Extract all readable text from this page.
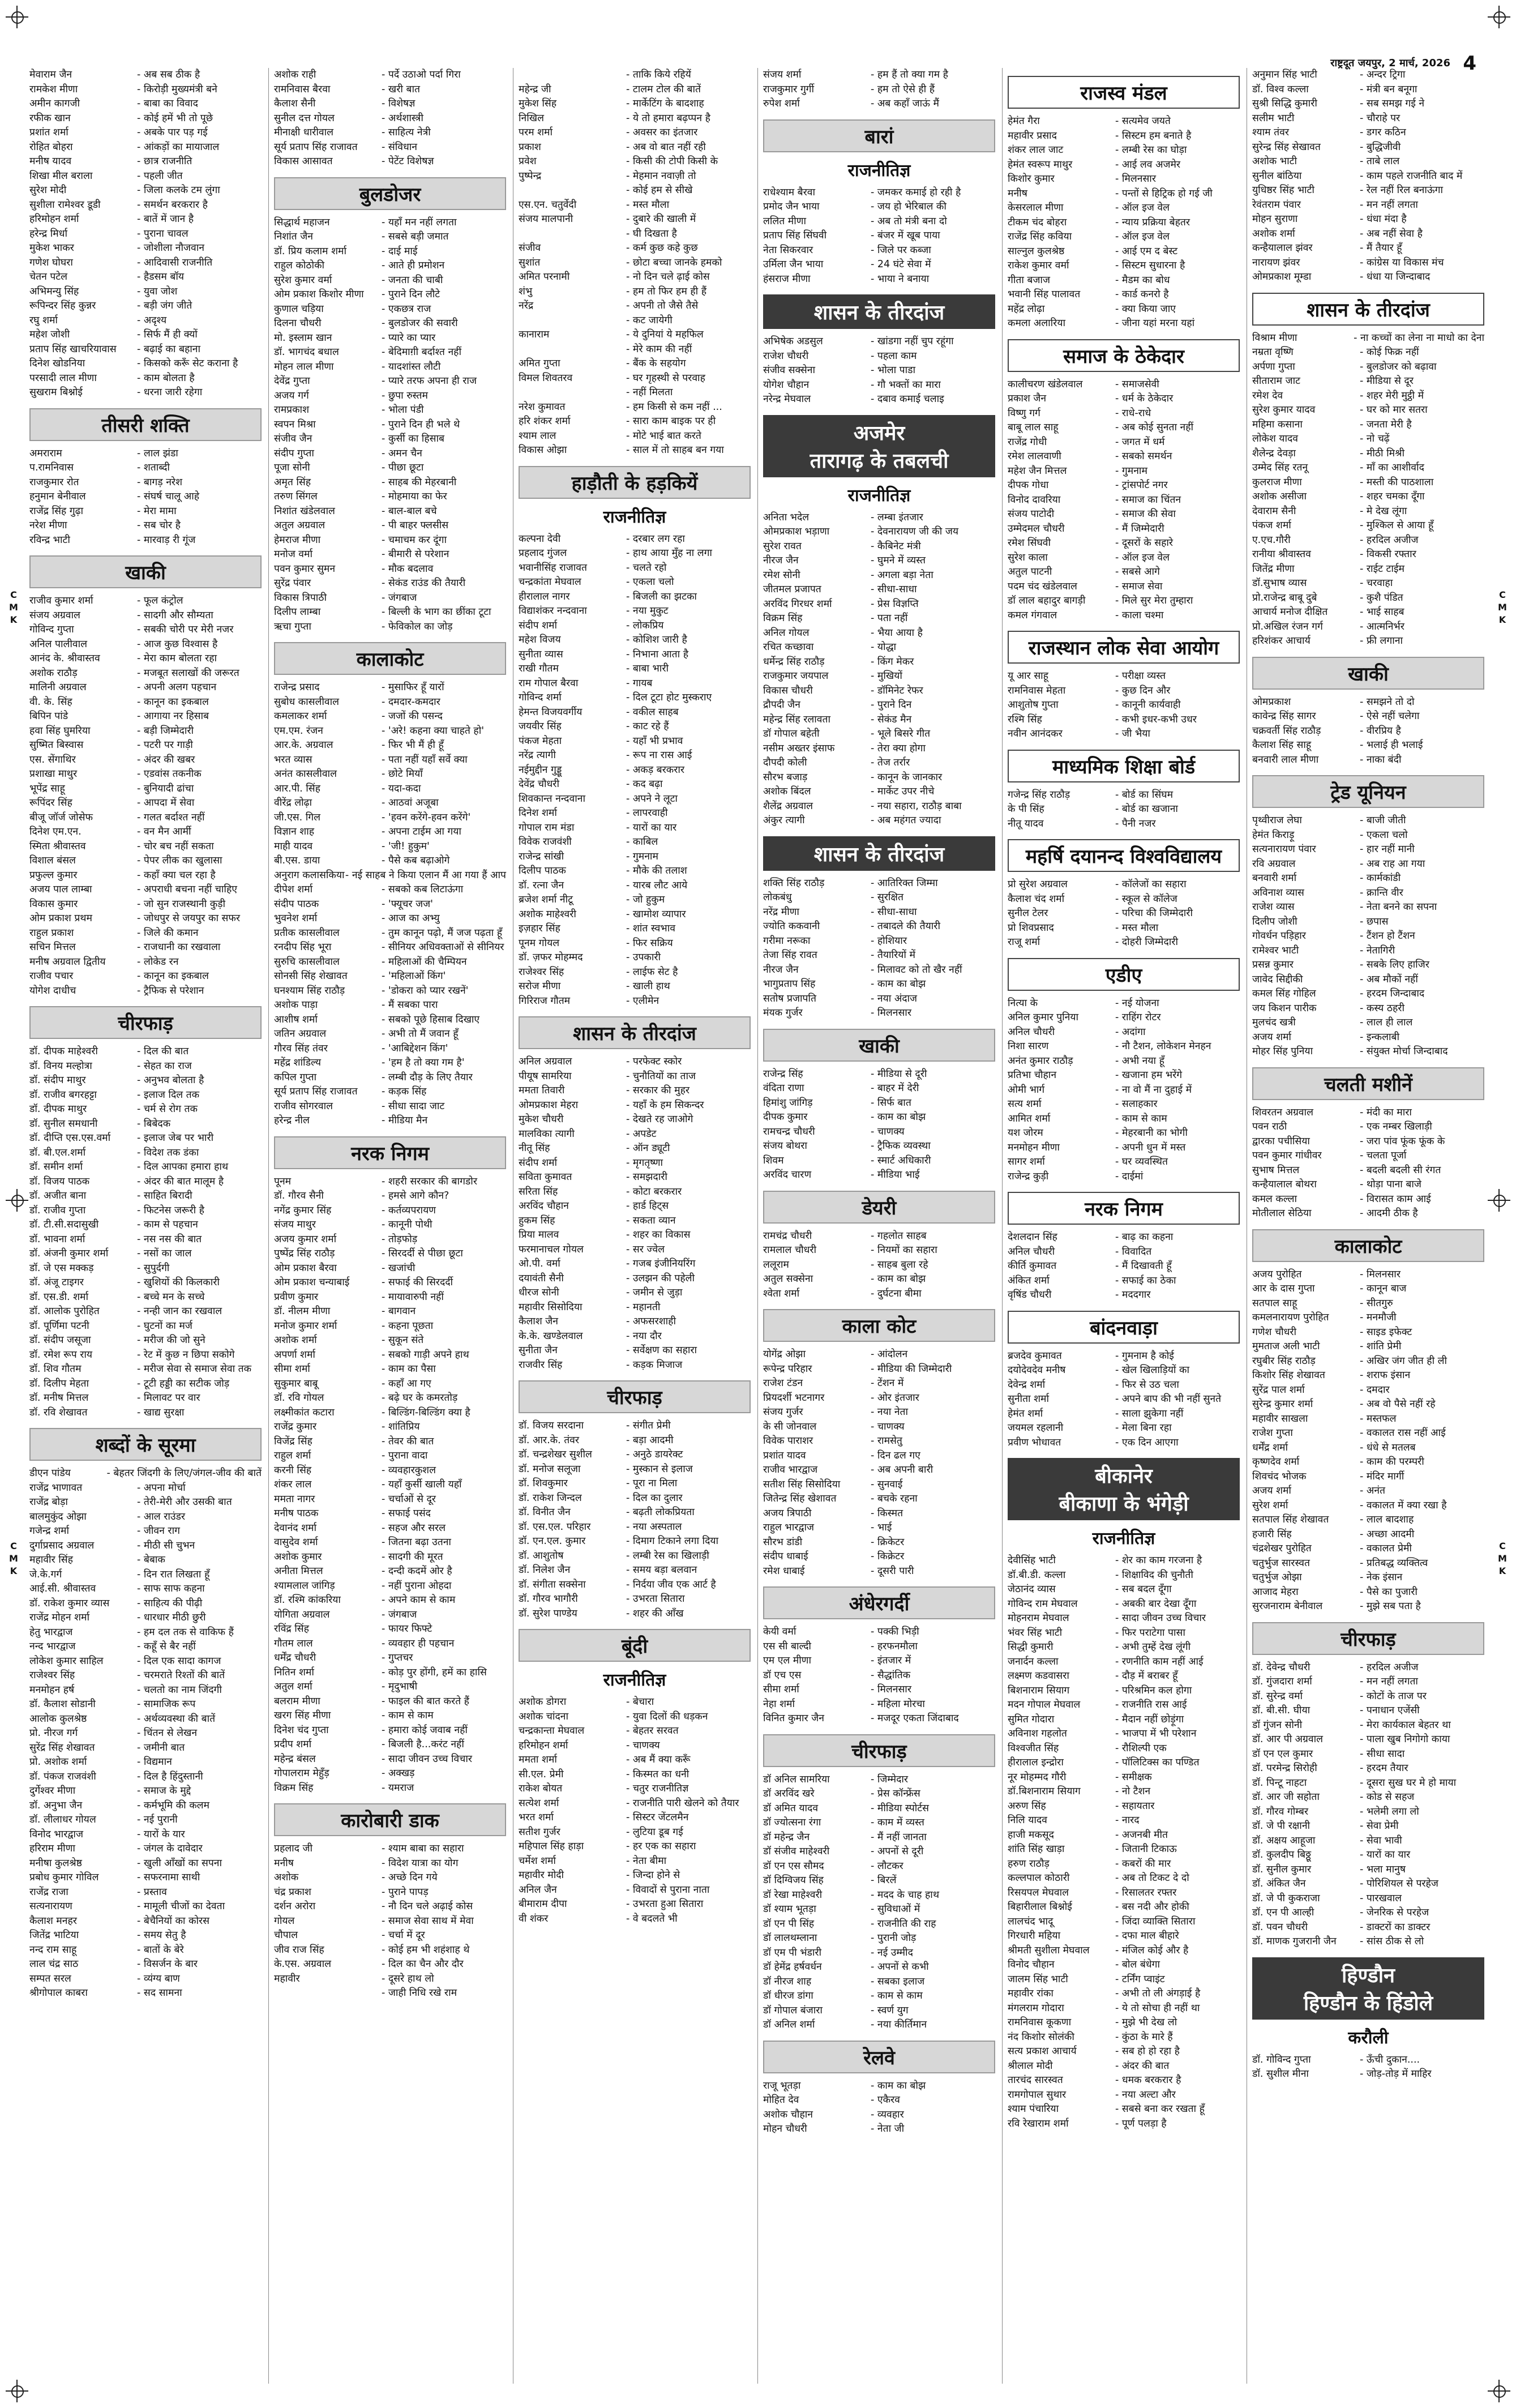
C
M
K
C
M
K
C
M
K
C
M
K
राष्ट्रदूत जयपुर, 2 मार्च, 2026 4
मेवाराम जैन	- अब सब ठीक है
रामकेश मीणा	- किरोड़ी मुख्यमंत्री बने
अमीन कागजी	- बाबा का विवाद
रफीक खान	- कोई हमें भी तो पूछे
प्रशांत शर्मा	- अबके पार पड़ गई
रोहित बोहरा	- आंकड़ों का मायाजाल
मनीष यादव	- छात्र राजनीति
शिखा मील बराला	- पहली जीत
सुरेश मोदी	- जिला कलके टम लुंगा
सुशीला रामेश्वर डूडी	- समर्थन बरकरार है
हरिमोहन शर्मा	- बातें में जान है
हरेन्द्र मिर्धा	- पुराना चावल
मुकेश भाकर	- जोशीला नौजवान
गणेश घोघरा	- आदिवासी राजनीति
चेतन पटेल	- हैडसम बॉय
अभिमन्यु सिंह	- युवा जोश
रूपिन्दर सिंह कुन्नर	- बड़ी जंग जीते
रघु शर्मा	- अदृश्य
महेश जोशी	- सिर्फ मैं ही क्यों
प्रताप सिंह खाचरियावास	- बढ़ाई का बहाना
दिनेश खोडनिया	- किसको करूँ सेट कराना है
परसादी लाल मीणा	- काम बोलता है
सुखराम बिश्नोई	- धरना जारी रहेगा
तीसरी शक्ति
अमराराम	- लाल झंडा
प.रामनिवास	- शताब्दी
राजकुमार रोत	- बागड़ नरेश
हनुमान बेनीवाल	- संघर्ष चालू आहे
राजेंद्र सिंह गुढ़ा	- मेरा मामा
नरेश मीणा	- सब चोर है
रविन्द्र भाटी	- मारवाड़ री गूंज
खाकी
राजीव कुमार शर्मा	- फूल कंट्रोल
संजय अग्रवाल	- सादगी और सौम्यता
गोविन्द गुप्ता	- सबकी चोरी पर मेरी नजर
अनिल पालीवाल	- आज कुछ विश्वास है
आनंद के. श्रीवास्तव	- मेरा काम बोलता रहा
अशोक राठौड़	- मजबूत सलाखों की जरूरत
मालिनी अग्रवाल	- अपनी अलग पहचान
वी. के. सिंह	- कानून का इकबाल
बिपिन पांडे	- आगाया नर हिसाब
हवा सिंह घुमरिया	- बड़ी जिम्मेदारी
सुष्मित बिस्वास	- पटरी पर गाड़ी
एस. सेंगाथिर	- अंदर की खबर
प्रशाखा माथुर	- एडवांस तकनीक
भूपेंद्र साहू	- बुनियादी ढांचा
रूपिंदर सिंह	- आपदा में सेवा
बीजू जॉर्ज जोसेफ	- गलत बर्दाश्त नहीं
दिनेश एम.एन.	- वन मैन आर्मी
स्मिता श्रीवास्तव	- चोर बच नहीं सकता
विशाल बंसल	- पेपर लीक का खुलासा
प्रफुल्ल कुमार	- कहाँ क्या चल रहा है
अजय पाल लाम्बा	- अपराधी बचना नहीं चाहिए
विकास कुमार	- जो सुन राजस्थानी कुड़ी
ओम प्रकाश प्रथम	- जोधपुर से जयपुर का सफर
राहुल प्रकाश	- जिले की कमान
सचिन मित्तल	- राजधानी का रखवाला
मनीष अग्रवाल द्वितीय	- लोकेड रन
राजीव पचार	- कानून का इकबाल
योगेश दाधीच	- ट्रैफिक से परेशान
चीरफाड़
डॉ. दीपक माहेश्वरी	- दिल की बात
डॉ. विनय मल्होत्रा	- सेहत का राज
डॉ. संदीप माथुर	- अनुभव बोलता है
डॉ. राजीव बगरहट्टा	- इलाज दिल तक
डॉ. दीपक माथुर	- चर्म से रोग तक
डॉ. सुनील समधानी	- बिबेदक
डॉ. दीप्ति एस.एस.वर्मा	- इलाज जेब पर भारी
डॉ. बी.एल.शर्मा	- विदेश तक डंका
डॉ. समीन शर्मा	- दिल आपका हमारा हाथ
डॉ. विजय पाठक	- अंदर की बात मालूम है
डॉ. अजीत बाना	- साहित बिरादी
डॉ. राजीव गुप्ता	- फिटनेस जरूरी है
डॉ. टी.सी.सदासुखी	- काम से पहचान
डॉ. भावना शर्मा	- नस नस की बात
डॉ. अंजनी कुमार शर्मा	- नसों का जाल
डॉ. जे एस मक्कड़	- सुपुर्दगी
डॉ. अंजू टाइगर	- खुशियों की किलकारी
डॉ. एस.डी. शर्मा	- बच्चे मन के सच्चे
डॉ. आलोक पुरोहित	- नन्ही जान का रखवाल
डॉ. पूर्णिमा पटनी	- घुटनों का मर्ज
डॉ. संदीप जसूजा	- मरीज की जो सुने
डॉ. रमेश रूप राय	- रेट में कुछ न छिपा सकोगे
डॉ. शिव गौतम	- मरीज सेवा से समाज सेवा तक
डॉ. दिलीप मेहता	- टूटी हड्डी का सटीक जोड़
डॉ. मनीष मित्तल	- मिलावट पर वार
डॉ. रवि शेखावत	- खाद्य सुरक्षा
शब्दों के सूरमा
डीएन पांडेय	- बेहतर जिंदगी के लिए/जंगल-जीव की बातें
राजेंद्र भाणावत	- अपना मोर्चा
राजेंद्र बोड़ा	- तेरी-मेरी और उसकी बात
बालमुकुंद ओझा	- आल राउंडर
गजेन्द्र शर्मा	- जीवन राग
दुर्गाप्रसाद अग्रवाल	- मीठी सी चुभन
महावीर सिंह	- बेबाक
जे.के.गर्ग	- दिन रात लिखता हूँ
आई.सी. श्रीवास्तव	- साफ साफ कहना
डॉ. राकेश कुमार व्यास	- साहित्य की पीढ़ी
राजेंद्र मोहन शर्मा	- धारधार मीठी छुरी
हेतु भारद्वाज	- हम दल तक से वाकिफ हैं
नन्द भारद्वाज	- कहूँ से बैर नहीं
लोकेश कुमार साहिल	- दिल एक सादा कागज
राजेश्वर सिंह	- चरमराते रिश्तों की बातें
मनमोहन हर्ष	- चलतो का नाम जिंदगी
डॉ. कैलाश सोडानी	- सामाजिक रूप
आलोक कुलश्रेष्ठ	- अर्थव्यवस्था की बातें
प्रो. नीरज गर्ग	- चिंतन से लेखन
सुरेंद्र सिंह शेखावत	- जमीनी बात
प्रो. अशोक शर्मा	- विद्यमान
डॉ. पंकज राजवंशी	- दिल है हिंदुस्तानी
दुर्गेश्वर मीणा	- समाज के मुद्दे
डॉ. अनुभा जैन	- कर्मभूमि की कलम
डॉ. लीलाधर गोयल	- नई पुरानी
विनोद भारद्वाज	- यारों के यार
हरिराम मीणा	- जंगल के दावेदार
मनीषा कुलश्रेष्ठ	- खुली आँखों का सपना
प्रबोध कुमार गोविल	- सफरनामा साथी
राजेंद्र राजा	- प्रस्ताव
सत्यनारायण	- मामूली चीजों का देवता
कैलाश मनहर	- बेचैनियों का कोरस
जितेंद्र भाटिया	- समय सेतु है
नन्द राम साहू	- बातों के बेरे
लाल चंद्र साठ	- विसर्जन के बार
सम्पत सरल	- व्यंग्य बाण
श्रीगोपाल काबरा	- सद सामना
अशोक राही	- पर्दे उठाओ पर्दा गिरा
रामनिवास बैरवा	- खरी बात
कैलाश सैनी	- विशेषज्ञ
सुनील दत्त गोयल	- अर्थशास्त्री
मीनाक्षी धारीवाल	- साहित्य नेत्री
सूर्य प्रताप सिंह राजावत	- संविधान
विकास आसावत	- पेटेंट विशेषज्ञ
बुलडोजर
सिद्धार्थ महाजन	- यहाँ मन नहीं लगता
निशांत जैन	- सबसे बड़ी जमात
डॉ. प्रिय कलाम शर्मा	- दाई माई
राहुल कोठोकी	- आते ही प्रमोशन
सुरेश कुमार वर्मा	- जनता की चाबी
ओम प्रकाश किशोर मीणा	- पुराने दिन लौटे
कुणाल चड़िया	- एकछत्र राज
दिलना चौधरी	- बुलडोजर की सवारी
मो. इस्लाम खान	- प्यारे का प्यार
डॉ. भागचंद बधाल	- बेदिमाग़ी बर्दाश्त नहीं
मोहन लाल मीणा	- यादशांस्त लौटी
देवेंद्र गुप्ता	- प्यारे तरफ अपना ही राज
अजय गर्ग	- छुपा रुस्तम
रामप्रकाश	- भोला पंडी
स्वपन मिश्रा	- पुराने दिन ही भले थे
संजीव जैन	- कुर्सी का हिसाब
संदीप गुप्ता	- अमन चैन
पूजा सोनी	- पीछा छूटा
अमृत सिंह	- साहब की मेहरबानी
तरुण सिंगल	- मोहमाया का फेर
निशांत खंडेलवाल	- बाल-बाल बचे
अतुल अग्रवाल	- पी बाहर फ्लसीस
हेमराज मीणा	- चमाचम कर दूंगा
मनोज वर्मा	- बीमारी से परेशान
पवन कुमार सुमन	- मौक बदलाव
सुरेंद्र पंवार	- सेकंड राउंड की तैयारी
विकास त्रिपाठी	- जंगबाज
दिलीप लाम्बा	- बिल्ली के भाग का छींका टूटा
ऋचा गुप्ता	- फेविकोल का जोड़
कालाकोट
राजेन्द्र प्रसाद	- मुसाफिर हूँ यारों
सुबोध कासलीवाल	- दमदार-कमदार
कमलाकर शर्मा	- जजों की पसन्द
एम.एम. रंजन	- 'अरे! कहना क्या चाहते हो'
आर.के. अग्रवाल	- फिर भी मैं ही हूँ
भरत व्यास	- पता नहीं यहाँ सर्वे क्या
अनंत कासलीवाल	- छोटे मियाँ
आर.पी. सिंह	- यदा-कदा
वीरेंद्र लोढ़ा	- आठवां अजूबा
जी.एस. गिल	- 'हवन करेंगे-हवन करेंगे'
विज्ञान शाह	- अपना टाईम आ गया
माही यादव	- 'जी! हुकुम'
बी.एस. डाया	- पैसे कब बढ़ाओगे
अनुराग कलासकिया - नई साहब ने किया एलान मैं आ गया हैं आप
दीपेश शर्मा	- सबको कब लिटाऊंगा
संदीप पाठक	- 'फ्यूचर जज'
भुवनेश शर्मा	- आज का अभ्यु
प्रतीक कासलीवाल	- तुम कानून पढ़ो, मैं जज पढ़ता हूँ
रनदीप सिंह भूरा	- सीनियर अधिवक्ताओं से सीनियर
सुरुचि कासलीवाल	- महिलाओं की चैम्पियन
सोनसी सिंह शेखावत	- 'महिलाओं किंग'
घनश्याम सिंह राठौड़	- 'डोकरा को प्यार रखनें'
अशोक पाड़ा	- मैं सबका पारा
आशीष शर्मा	- सबको पूछे हिसाब दिखाए
जतिन अग्रवाल	- अभी तो मैं जवान हूँ
गौरव सिंह तंवर	- 'आबिद्देशन किंग'
महेंद्र शांडिल्य	- 'हम है तो क्या गम है'
कपिल गुप्ता	- लम्बी दौड़ के लिए तैयार
सूर्य प्रताप सिंह राजावत	- कड़क सिंह
राजीव सोगरवाल	- सीधा सादा जाट
हरेन्द्र नील	- मीडिया मैन
नरक निगम
पूनम	- शहरी सरकार की बागडोर
डॉ. गौरव सैनी	- हमसे आगे कौन?
नगेंद्र कुमार सिंह	- कर्तव्यपरायण
संजय माथुर	- कानूनी पोथी
अजय कुमार शर्मा	- तोड़फोड़
पुष्पेंद्र सिंह राठौड़	- सिरदर्दी से पीछा छूटा
ओम प्रकाश बैरवा	- खजांची
ओम प्रकाश चन्याबाई	- सफाई की सिरदर्दी
प्रवीण कुमार	- मायावारुपी नहीं
डॉ. नीलम मीणा	- बागवान
मनोज कुमार शर्मा	- कहना पूछता
अशोक शर्मा	- सुकून संते
अपर्णा शर्मा	- सबको गाड़ी अपने हाथ
सीमा शर्मा	- काम का पैसा
सुकुमार बाबू	- कहाँ आ गए
डॉ. रवि गोयल	- बढ़े घर के कमरतोड़
लक्ष्मीकांत कटारा	- बिल्डिंग-बिल्डिंग क्या है
राजेंद्र कुमार	- शांतिप्रिय
विजेंद्र सिंह	- तेवर की बात
राहुल शर्मा	- पुराना वादा
करनी सिंह	- व्यवहारकुशल
शंकर लाल	- यहाँ कुर्सी खाली यहाँ
ममता नागर	- चर्चाओं से दूर
मनीष पाठक	- सफाई पसंद
देवानंद शर्मा	- सहज और सरल
वासुदेव शर्मा	- जितना बढ़ा उतना
अशोक कुमार	- सादगी की मूरत
अनीता मित्तल	- दन्दी कदमें ओर है
श्यामलाल जांगिड़	- नहीं पुराना ओहदा
डॉ. रश्मि कांकरिया	- अपने काम से काम
योगिता अग्रवाल	- जंगबाज
रविंद्र सिंह	- फायर फिफ्टे
गौतम लाल	- व्यवहार ही पहचान
धर्मेंद्र चौधरी	- गुप्तचर
नितिन शर्मा	- कोड़ पुर होंगी, हमें का हासि
अतुल शर्मा	- मृदुभाषी
बलराम मीणा	- फाइल की बात करते हैं
खरग सिंह मीणा	- काम से काम
दिनेश चंद गुप्ता	- हमारा कोई जवाब नहीं
प्रदीप शर्मा	- बिजली है...करंट नहीं
महेन्द्र बंसल	- सादा जीवन उच्च विचार
गोपालराम मेहुँड़	- अक्खड़
विक्रम सिंह	- यमराज
कारोबारी डाक
प्रहलाद जी	- श्याम बाबा का सहारा
मनीष	- विदेश यात्रा का योग
अशोक	- अच्छे दिन गये
चंद्र प्रकाश	- पुराने पापड़
दर्शन अरोरा	- नौ दिन चले अढ़ाई कोस
गोयल	- समाज सेवा साथ में मेवा
चौपाल	- चर्चा में दूर
जीव राज सिंह	- कोई हम भी शहंशाह थे
के.एस. अग्रवाल	- दिल का चैन और दौर
महावीर	- दूसरे हाथ लो
- जाही निधि रखे राम
- ताकि किये रहियें
महेन्द्र जी	- टालम टोल की बातें
मुकेश सिंह	- मार्केटिंग के बादशाह
निखिल	- ये तो हमारा बढ़प्पन है
परम शर्मा	- अवसर का इंतजार
प्रकाश	- अब वो बात नहीं रही
प्रवेश	- किसी की टोपी किसी के
पुष्पेन्द्र	- मेहमान नवाज़ी तो
- कोई हम से सीखे
एस.एन. चतुर्वेदी	- मस्त मौला
संजय मालपानी	- दुबारे की खाली में
- घी दिखता है
संजीव	- कर्म कुछ कहे कुछ
सुशांत	- छोटा बच्चा जानके हमको
अमित परनामी	- नो दिन चले ढ़ाई कोस
शंभु	- हम तो फिर हम ही हैं
नरेंद्र	- अपनी तो जैसे तैसे
- कट जायेगी
कानाराम	- ये दुनियां ये महफिल
- मेरे काम की नहीं
अमित गुप्ता	- बैंक के सहयोग
विमल शिवतरव	- घर गृहस्थी से परवाह
- नहीं मिलता
नरेश कुमावत	- हम किसी से कम नहीं ...
हरि शंकर शर्मा	- सारा काम बाइक पर ही
श्याम लाल	- मोटे भाई बात करते
विकास ओझा	- साल में तो साहब बन गया
हाड़ौती के हड़कियें
राजनीतिज्ञ
कल्पना देवी	- दरबार लग रहा
प्रहलाद गुंजल	- हाथ आया मुँह ना लगा
भवानीसिंह राजावत	- चलते रहो
चन्द्रकांता मेघवाल	- एकला चलो
हीरालाल नागर	- बिजली का झटका
विद्याशंकर नन्दवाना	- नया मुकुट
संदीप शर्मा	- लोकप्रिय
महेश विजय	- कोशिश जारी है
सुनीता व्यास	- निभाना आता है
राखी गौतम	- बाबा भारी
राम गोपाल बैरवा	- गायब
गोविन्द शर्मा	- दिल टूटा होट मुस्कराए
हेमन्त विजयवर्गीय	- वकील साहब
जयवीर सिंह	- काट रहे हैं
पंकज मेहता	- यहाँ भी प्रभाव
नरेंद्र त्यागी	- रूप ना रास आई
नईमुद्दीन गुड्डू	- अकड़ बरकरार
देवेंद्र चौधरी	- कद बढ़ा
शिवकान्त नन्दवाना	- अपने ने लूटा
दिनेश शर्मा	- लापरवाही
गोपाल राम मंडा	- यारों का यार
विवेक राजवंशी	- काबिल
राजेन्द्र सांखी	- गुमनाम
दिलीप पाठक	- मौके की तलाश
डॉ. रत्ना जैन	- यारब लौट आये
ब्रजेश शर्मा नीटू	- जो हुकुम
अशोक माहेश्वरी	- खामोश व्यापार
इज़हार सिंह	- शांत स्वभाव
पूनम गोयल	- फिर सक्रिय
डॉ. ज़फर मोहम्मद	- उपकारी
राजेश्वर सिंह	- लाईफ सेट है
सरोज मीणा	- खाली हाथ
गिरिराज गौतम	- एलीमेन
शासन के तीरदांज
अनिल अग्रवाल	- परफेक्ट स्कोर
पीयूष सामरिया	- चुनौतियों का ताज
ममता तिवारी	- सरकार की मुहर
ओमप्रकाश मेहरा	- यहाँ के हम सिकन्दर
मुकेश चौधरी	- देखते रह जाओगे
मालविका त्यागी	- अपडेट
नीतू सिंह	- ऑन ड्यूटी
संदीप शर्मा	- मृगतृष्णा
सविता कुमावत	- समझदारी
सरिता सिंह	- कोटा बरकरार
अरविंद चौहान	- हार्ड हिट्स
हुकम सिंह	- सकता व्यान
प्रिया मालव	- शहर का विकास
फरमानाचल गोयल	- सर ज्वेल
ओ.पी. वर्मा	- गजब इंजीनियरिंग
दयावंती सैनी	- उलझन की पहेली
धीरज सोनी	- जमीन से जुड़ा
महावीर सिसोदिया	- महानती
कैलाश जैन	- अफसरशाही
के.के. खण्डेलवाल	- नया दौर
सुनीता जैन	- सर्वेक्षण का सहारा
राजवीर सिंह	- कड़क मिजाज
चीरफाड़
डॉ. विजय सरदाना	- संगीत प्रेमी
डॉ. आर.के. तंवर	- बड़ा आदमी
डॉ. चन्द्रशेखर सुशील	- अनुठे डायरेक्ट
डॉ. मनोज सलूजा	- मुस्कान से इलाज
डॉ. शिवकुमार	- पूरा ना मिला
डॉ. राकेश जिन्दल	- दिल का दुलार
डॉ. विनीत जैन	- बढ़ती लोकप्रियता
डॉ. एस.एल. परिहार	- नया अस्पताल
डॉ. एन.एल. कुमार	- दिमाग टिकाने लगा दिया
डॉ. आशुतोष	- लम्बी रेस का खिलाड़ी
डॉ. निलेश जैन	- समय बड़ा बलवान
डॉ. संगीता सक्सेना	- निर्दया जीव एक आर्ट है
डॉ. गौरव भागौरी	- उभरता सितारा
डॉ. सुरेश पाण्डेय	- शहर की आँख
बूंदी
राजनीतिज्ञ
अशोक डोगरा	- बेचारा
अशोक चांदना	- युवा दिलों की धड़कन
चन्द्रकान्ता मेघवाल	- बेहतर सरवत
हरिमोहन शर्मा	- चाणक्य
ममता शर्मा	- अब मैं क्या करूँ
सी.एल. प्रेमी	- किस्मत का धनी
राकेश बोयत	- चतुर राजनीतिज्ञ
सत्येश शर्मा	- राजनीति पारी खेलने को तैयार
भरत शर्मा	- सिस्टर जेंटलमैन
सतीश गुर्जर	- लुटिया डूब गई
महिपाल सिंह हाड़ा	- हर एक का सहारा
चर्मेश शर्मा	- नेता बीमा
महावीर मोदी	- जिन्दा होने से
अनिल जैन	- विवादों से पुराना नाता
बीमाराम दीपा	- उभरता हुआ सितारा
वी शंकर	- वे बदलते भी
संजय शर्मा	- हम हैं तो क्या गम है
राजकुमार गुर्गी	- हम तो ऐसे ही हैं
रुपेश शर्मा	- अब कहाँ जाऊं मैं
बारां
राजनीतिज्ञ
राधेश्याम बैरवा	- जमकर कमाई हो रही है
प्रमोद जैन भाया	- जय हो भेरिबाल की
ललित मीणा	- अब तो मंत्री बना दो
प्रताप सिंह सिंघवी	- बंजर में खूब पाया
नेता सिकरवार	- जिले पर कब्जा
उर्मिला जैन भाया	- 24 घंटे सेवा में
हंसराज मीणा	- भाया ने बनाया
शासन के तीरदांज
अभिषेक अडसुल	- खांडगा नहीं चुप रहूंगा
राजेश चौधरी	- पहला काम
संजीव सक्सेना	- भोला पाडा
योगेश चौहान	- गौ भक्तों का मारा
नरेन्द्र मेघवाल	- दबाव कमाई चलाइ
अजमेर
तारागढ़ के तबलची
राजनीतिज्ञ
अनिता भदेल	- लम्बा इंतजार
ओमप्रकाश भड़ाणा	- देवनारायण जी की जय
सुरेश रावत	- कैबिनेट मंत्री
नीरज जैन	- घुमने में व्यस्त
रमेश सोनी	- अगला बड़ा नेता
जीतमल प्रजापत	- सीधा-साधा
अरविंद गिरधर शर्मा	- प्रेस विज्ञप्ति
विक्रम सिंह	- पता नहीं
अनिल गोयल	- भैया आया है
रचित कच्छावा	- योद्धा
धर्मेन्द्र सिंह राठौड़	- किंग मेकर
राजकुमार जयपाल	- मुखियों
विकास चौधरी	- डॉमिनेट रेफर
द्रौपदी जैन	- पुराने दिन
महेन्द्र सिंह रलावता	- सेकंड मैन
डॉ गोपाल बहेती	- भूले बिसरे गीत
नसीम अख्तर इंसाफ	- तेरा क्या होगा
दौपदी कोली	- तेज तर्रार
सौरभ बजाड़	- कानून के जानकार
अशोक बिंदल	- मार्केट उपर नीचे
शैलेंद्र अग्रवाल	- नया सहारा, राठौड़ बाबा
अंकुर त्यागी	- अब महंगत ज्यादा
शासन के तीरदांज
शक्ति सिंह राठौड़	- आतिरिक्त जिम्मा
लोकबंधु	- सुरक्षित
नरेंद्र मीणा	- सीधा-साधा
ज्योति ककवानी	- तबादले की तैयारी
गरीमा नरूका	- होशियार
तेजा सिंह रावत	- तैयारियों में
नीरज जैन	- मिलावट को तो खैर नहीं
भागुप्रताप सिंह	- काम का बोझ
सतोष प्रजापति	- नया अंदाज
मंयक गुर्जर	- मिलनसार
खाकी
राजेन्द्र सिंह	- मीडिया से दूरी
वंदिता राणा	- बाहर में देरी
हिमांशु जांगिड़	- सिर्फ बात
दीपक कुमार	- काम का बोझ
रामचन्द्र चौधरी	- चाणक्य
संजय बोथरा	- ट्रैफिक व्यवस्था
शिवम	- स्मार्ट अधिकारी
अरविंद चारण	- मीडिया भाई
डेयरी
रामचंद्र चौधरी	- गहलोत साहब
रामलाल चौधरी	- नियमों का सहारा
ललूराम	- साहब बुला रहे
अतुल सक्सेना	- काम का बोझ
श्वेता शर्मा	- दुर्घटना बीमा
काला कोट
योगेंद्र ओझा	- आंदोलन
रूपेन्द्र परिहार	- मीडिया की जिम्मेदारी
राजेश टंडन	- टेंशन में
प्रियदर्शी भटनागर	- ओर इंतजार
संजय गुर्जर	- नया नेता
के सी जोनवाल	- चाणक्य
विवेक पाराशर	- रामसेतु
प्रशांत यादव	- दिन ढल गए
राजीव भारद्वाज	- अब अपनी बारी
सतीश सिंह सिसोदिया	- सुनवाई
जितेन्द्र सिंह खेशावत	- बचके रहना
अजय त्रिपाठी	- किस्मत
राहुल भारद्वाज	- भाई
सौरभ डांडी	- क्रिकेटर
संदीप धाबाई	- किक्रेटर
रमेश धाबाई	- दूसरी पारी
अंधेरगर्दी
केयी वर्मा	- पक्की भिड़ी
एस सी बाल्दी	- हरफनमौला
एम एल मीणा	- इंतजार में
डॉ एच एस	- सैद्धांतिक
सीमा शर्मा	- मिलनसार
नेहा शर्मा	- महिला मोरचा
विनित कुमार जैन	- मजदूर एकता जिंदाबाद
चीरफाड़
डॉ अनिल सामरिया	- जिम्मेदार
डॉ अरविंद खरे	- प्रेस कॉन्फ्रेंस
डॉ अमित यादव	- मीडिया स्पोर्टस
डॉ ज्योत्सना रंगा	- काम में व्यस्त
डॉ महेन्द्र जैन	- मैं नहीं जानता
डॉ संजीव माहेश्वरी	- अपनों से दूरी
डॉ एन एस सौमद	- लौटकर
डॉ दिग्विजय सिंह	- बिरलें
डॉ रेखा माहेश्वरी	- मदद के चाह हाथ
डॉ श्याम भूतड़ा	- सुविधाओं में
डॉ एन पी सिंह	- राजनीति की राह
डॉ लालथम्लाना	- पुरानी जोड़
डॉ एम पी भंडारी	- नई उम्मीद
डॉ हेमेंद्र हर्षवर्धन	- अपनों से कभी
डॉ नीरज शाह	- सबका इलाज
डॉ धीरज डांगा	- काम से काम
डॉ गोपाल बंजारा	- स्वर्ण युग
डॉ अनिल शर्मा	- नया कीर्तिमान
रेलवे
राजू भूतड़ा	- काम का बोझ
मोहित देव	- एकैरव
अशोक चौहान	- व्यवहार
मोहन चौधरी	- नेता जी
राजस्व मंडल
हेमंत गैरा	- सत्यमेव जयते
महावीर प्रसाद	- सिस्टम हम बनाते है
शंकर लाल जाट	- लम्बी रेस का घोड़ा
हेमंत स्वरूप माथुर	- आई लव अजमेर
किशोर कुमार	- मिलनसार
मनीष	- पन्तों से हिट्रिक हो गई जी
केसरलाल मीणा	- ऑल इज वेल
टीकम चंद बोहरा	- न्याय प्रक्रिया बेहतर
राजेंद्र सिंह कविया	- ऑल इज वेल
साल्नुल कुलश्रेष्ठ	- आई एम द बेस्ट
राकेश कुमार वर्मा	- सिस्टम सुधारना है
गीता बजाज	- मैडम का बोध
भवानी सिंह पालावत	- कार्ड कनरो है
महेंद्र लोढ़ा	- क्या किया जाए
कमला अलारिया	- जीना यहां मरना यहां
समाज के ठेकेदार
कालीचरण खंडेलवाल	- समाजसेवी
प्रकाश जैन	- धर्म के ठेकेदार
विष्णु गर्ग	- राधे-राधे
बाबू लाल साहू	- अब कोई सुनता नहीं
राजेंद्र गोधी	- जगत में धर्म
रमेश लालवाणी	- सबको समर्थन
महेश जैन मित्तल	- गुमनाम
दीपक गोधा	- ट्रांसपोर्ट नगर
विनोद दावरिया	- समाज का चिंतन
संजय पाटोदी	- समाज की सेवा
उम्मेदमल चौधरी	- मैं जिम्मेदारी
रमेश सिंघवी	- दूसरों के सहारे
सुरेश काला	- ऑल इज वेल
अतुल पाटनी	- सबसे आगे
पदम चंद खंडेलवाल	- समाज सेवा
डॉ लाल बहादुर बागड़ी	- मिले सुर मेरा तुम्हारा
कमल गंगवाल	- काला चश्मा
राजस्थान लोक सेवा आयोग
यू आर साहू	- परीक्षा व्यस्त
रामनिवास मेहता	- कुछ दिन और
आशुतोष गुप्ता	- कानूनी कार्यवाही
रश्मि सिंह	- कभी इधर-कभी उधर
नवीन आनंदकर	- जी भैया
माध्यमिक शिक्षा बोर्ड
गजेन्द्र सिंह राठौड़	- बोर्ड का सिंघम
के पी सिंह	- बोर्ड का खजाना
नीतू यादव	- पैनी नजर
महर्षि दयानन्द विश्वविद्यालय
प्रो सुरेश अग्रवाल	- कॉलेजों का सहारा
कैलाश चंद शर्मा	- स्कूल से कॉलेज
सुनील टेलर	- परिचा की जिम्मेदारी
प्रो शिवप्रसाद	- मस्त मौला
राजू शर्मा	- दोहरी जिम्मेदारी
एडीए
नित्या के	- नई योजना
अनिल कुमार पुनिया	- राहिंग रोटर
अनिल चौधरी	- अदांगा
निशा सारण	- नौ टैशन, लोकेशन मेनहन
अनंत कुमार राठौड़	- अभी नया हूँ
प्रतिभा चौहान	- खजाना हम भरेंगे
ओमी भार्ग	- ना वो मैं ना दुहाई में
सत्य शर्मा	- सलाहकार
आमित शर्मा	- काम से काम
यश जोरम	- मेहरबानी का भोगी
मनमोहन मीणा	- अपनी धुन में मस्त
सागर शर्मा	- घर व्यवस्थित
राजेन्द्र कुड़ी	- दाईमां
नरक निगम
देशलदान सिंह	- बाढ़ का कहना
अनिल चौधरी	- विवादित
कीर्ति कुमावत	- मैं दिखावती हूँ
अंकित शर्मा	- सफाई का ठेका
वृषिंड चौधरी	- मददगार
बांदनवाड़ा
ब्रजदेव कुमावत	- गुमनाम है कोई
दयोदेवदेव मनीष	- खेल खिलाड़ियों का
देवेन्द्र शर्मा	- फिर से उठ चला
सुनीता शर्मा	- अपने बाप की भी नहीं सुनते
हेमंत शर्मा	- साला झुकेगा नहीं
जयमल रहलानी	- मेला बिना रहा
प्रवीण भोधावत	- एक दिन आएगा
बीकानेर
बीकाणा के भंगेड़ी
राजनीतिज्ञ
देवीसिंह भाटी	- शेर का काम गरजना है
डॉ.बी.डी. कल्ला	- शिक्षाविद की चुनौती
जेठानंद व्यास	- सब बदल दूँगा
गोविन्द राम मेघवाल	- अबकी बार देखा दूँगा
मोहनराम मेघवाल	- सादा जीवन उच्च विचार
भंवर सिंह भाटी	- फिर पराटेगा पासा
सिद्धी कुमारी	- अभी तुम्हें देख लूंगी
जनार्दन कल्ला	- रणनीति काम नहीं आई
लक्ष्मण कडवासरा	- दौड़ में बराबर हूँ
बिशनाराम सियाग	- परिश्रमिन कल होगा
मदन गोपाल मेघवाल	- राजनीति रास आई
सुमित गोदारा	- मैदान नहीं छोड़ूंगा
अविनाश गहलोत	- भाजपा में भी परेशान
विश्वजीत सिंह	- रौशिल्पी एक
हीरालाल इन्द्रोरा	- पॉलिटिक्स का पण्डित
नूर मोहम्मद गौरी	- समीक्षक
डॉ.बिशनाराम सियाग	- नो टैशन
अरुण सिंह	- सहायतार
निलि यादव	- नारद
हाजी मकसूद	- अजनबी मीत
शांति सिंह खाड़ा	- जितानी टिकाऊ
हरुण राठौड़	- कबरों की मार
कल्लपाल कोठारी	- अब तो टिकट दे दो
रिसयपल मेघवाल	- रिसालतर रफ्तर
बिहारीलाल बिश्नोई	- बस नदी और होकी
लालचंद भादू	- जिंदा व्याक्ति सितारा
गिरधारी महिया	- दफा माल बीहारे
श्रीमती सुशीला मेघवाल	- मंजिल कोई और है
विनोद चौहान	- बोल बंधेगा
जालम सिंह भाटी	- टर्निंग प्वाइंट
महावीर रांका	- अभी तो ली अंगड़ाई है
मंगलराम गोदारा	- ये तो सोचा ही नहीं था
रामनिवास कूकणा	- मुझे भी देख लो
नंद किशोर सोलंकी	- कुंठा के मारे हैं
सत्य प्रकाश आचार्य	- सब हो हो रहा है
श्रीलाल मोदी	- अंदर की बात
तारचंद सारस्वत	- धमक बरकरार है
रामगोपाल सुथार	- नया अल्टा और
श्याम पंचारिया	- सबसे बना कर रखता हूँ
रवि रेखाराम शर्मा	- पूर्ण पलड़ा है
अनुमान सिंह भाटी	- अन्दर ट्रिगा
डॉ. विश्व कल्ला	- मंत्री बन बनूगा
सुश्री सिद्धि कुमारी	- सब समझ गई ने
सलीम भाटी	- चौराहे पर
श्याम तंवर	- डगर कठिन
सुरेन्द्र सिंह सेखावत	- बुद्धिजीवी
अशोक भाटी	- ताबे लाल
सुनील बांठिया	- काम पहले राजनीति बाद में
युधिष्ठर सिंह भाटी	- रेल नहीं रिल बनाऊंगा
रेवंतराम पंवार	- मन नहीं लगता
मोहन सुराणा	- धंधा मंदा है
अशोक शर्मा	- अब नहीं सेवा है
कन्हैयालाल झंवर	- मैं तैयार हूँ
नारायण झंवर	- कांग्रेस या विकास मंच
ओमप्रकाश मूम्डा	- धंधा या जिन्दाबाद
शासन के तीरदांज
विश्राम मीणा	- ना कच्चों का लेना ना माधो का देना
नम्रता वृष्णि	- कोई फिक्र नहीं
अर्पणा गुप्ता	- बुलडोजर को बढ़ावा
सीताराम जाट	- मीडिया से दूर
रमेश देव	- शहर मेरी मुट्ठी में
सुरेश कुमार यादव	- घर को मार सतरा
महिमा कसाना	- जनता मेरी है
लोकेश यादव	- नो चढ़ें
शैलेन्द्र देवड़ा	- मीठी मिश्री
उम्मेद सिंह रतनू	- माँ का आशीर्वाद
कुलराज मीणा	- मस्ती की पाठशाला
अशोक असीजा	- शहर चमका दूँगा
देवाराम सैनी	- मे देख लूंगा
पंकज शर्मा	- मुश्किल से आया हूँ
ए.एच.गौरी	- हरदिल अजीज
रानीया श्रीवास्तव	- विकसी रफ्तार
जितेंद्र मीणा	- राईट टाईम
डॉ.सुभाष व्यास	- चरवाहा
प्रो.राजेन्द्र बाबू दुबे	- कुशै पंडित
आचार्य मनोज दीक्षित	- भाई साहब
प्रो.अखिल रंजन गर्ग	- आत्मनिर्भर
हरिशंकर आचार्य	- फ्री लगाना
खाकी
ओमप्रकाश	- समझने तो दो
कावेन्द्र सिंह सागर	- ऐसे नहीं चलेगा
चक्रवर्ती सिंह राठौड़	- वीरप्रिय है
कैलाश सिंह साहू	- भलाई ही भलाई
बनवारी लाल मीणा	- नाका बंदी
ट्रेड यूनियन
पृथ्वीराज लेघा	- बाजी जीती
हेमंत किराड़ू	- एकला चलो
सत्यनारायण पंवार	- हार नहीं मानी
रवि अग्रवाल	- अब राह आ गया
बनवारी शर्मा	- कार्मकांडी
अविनाश व्यास	- क्रान्ति वीर
राजेश व्यास	- नेता बनने का सपना
दिलीप जोशी	- छपास
गोवर्धन पड़िहार	- टैंशन हो टैंशन
रामेश्वर भाटी	- नेतागिरी
प्रसन्न कुमार	- सबके लिए हाजिर
जावेद सिद्दीकी	- अब मौकों नहीं
कमल सिंह गोहिल	- हरदम जिन्दाबाद
जय किशन पारीक	- कस्य ठहरी
मुलचंद खत्री	- लाल ही लाल
अजय शर्मा	- इन्कलाबी
मोहर सिंह पुनिया	- संयुक्त मोर्चा जिन्दाबाद
चलती मशीनें
शिवरतन अग्रवाल	- मंदी का मारा
पवन राठी	- एक नम्बर खिलाड़ी
द्वारका पचीसिया	- जरा पांव फूंक फूंक के
पवन कुमार गांधीवर	- चलता पूर्जा
सुभाष मित्तल	- बदली बदली सी रंगत
कन्हैयालाल बोथरा	- थोड़ा पाना बाजे
कमल कल्ला	- विरासत काम आई
मोतीलाल सेठिया	- आदमी ठीक है
कालाकोट
अजय पुरोहित	- मिलनसार
आर के दास गुप्ता	- कानून बाज
सतपाल साहू	- सीतगुरु
कमलनारायण पुरोहित	- मनमौजी
गणेश चौधरी	- साइड इफेक्ट
मुमताज अली भाटी	- शांति प्रेमी
रघुबीर सिंह राठौड़	- अखिर जंग जीत ही ली
किशोर सिंह शेखावत	- शराफ इंसान
सुरेंद्र पाल शर्मा	- दमदार
सुरेन्द्र कुमार शर्मा	- अब वो पैसे नहीं रहे
महावीर साखला	- मस्तफल
राजेश गुप्ता	- वकालत रास नहीं आई
धर्मेंद्र शर्मा	- धंधे से मतलब
कृष्णदेव शर्मा	- काम की परम्परी
शिवचंद भोजक	- मंदिर मार्गी
अजय शर्मा	- अनंत
सुरेश शर्मा	- वकालत में क्या रखा है
सतपाल सिंह शेखावत	- लाल बादशाह
हजारी सिंह	- अच्छा आदमी
चंद्रशेखर पुरोहित	- वकालत प्रेमी
चतुर्भुज सारस्वत	- प्रतिबद्ध व्यक्तित्व
चतुर्भुज ओझा	- नेक इंसान
आजाद मेहरा	- पैसे का पुजारी
सुरजनाराम बेनीवाल	- मुझे सब पता है
चीरफाड़
डॉ. देवेन्द्र चौधरी	- हरदिल अजीज
डॉ. गुंजदारा शर्मा	- मन नहीं लगता
डॉ. सुरेन्द्र वर्मा	- कोटों के ताज पर
डॉ. बी.सी. घीया	- पनाधान एजेंसी
डॉ गुंजन सोनी	- मेरा कार्यकाल बेहतर था
डॉ. आर पी अग्रवाल	- पाला खुब निगोगो काया
डॉ एन एल कुमार	- सीधा सादा
डॉ. परमेन्द्र सिरोही	- हरदम तैयार
डॉ. पिन्टू नाहटा	- दूसरा सुख घर मे हो माया
डॉ. आर जी सहोता	- कोड से सहज
डॉ. गौरव गोम्बर	- भलेमी लगा लो
डॉ. जे पी रक्षानी	- सेवा प्रेमी
डॉ. अक्षय आहूजा	- सेवा भावी
डॉ. कुलदीप बिठ्ठू	- यारों का यार
डॉ. सुनील कुमार	- भला मानुष
डॉ. अंकित जैन	- पोरिशियल से परहेज
डॉ. जे पी कुकराजा	- पारखवाल
डॉ. एन पी आल्ही	- जेनरिक से परहेज
डॉ. पवन चौधरी	- डाक्टरों का डाक्टर
डॉ. माणक गुजरानी जैन	- सांस ठीक से लो
हिण्डौन
हिण्डौन के हिंडोले
करौली
डॉ. गोविन्द गुप्ता	- ऊँची दुकान....
डॉ. सुशील मीना	- जोड़-तोड़ में माहिर
